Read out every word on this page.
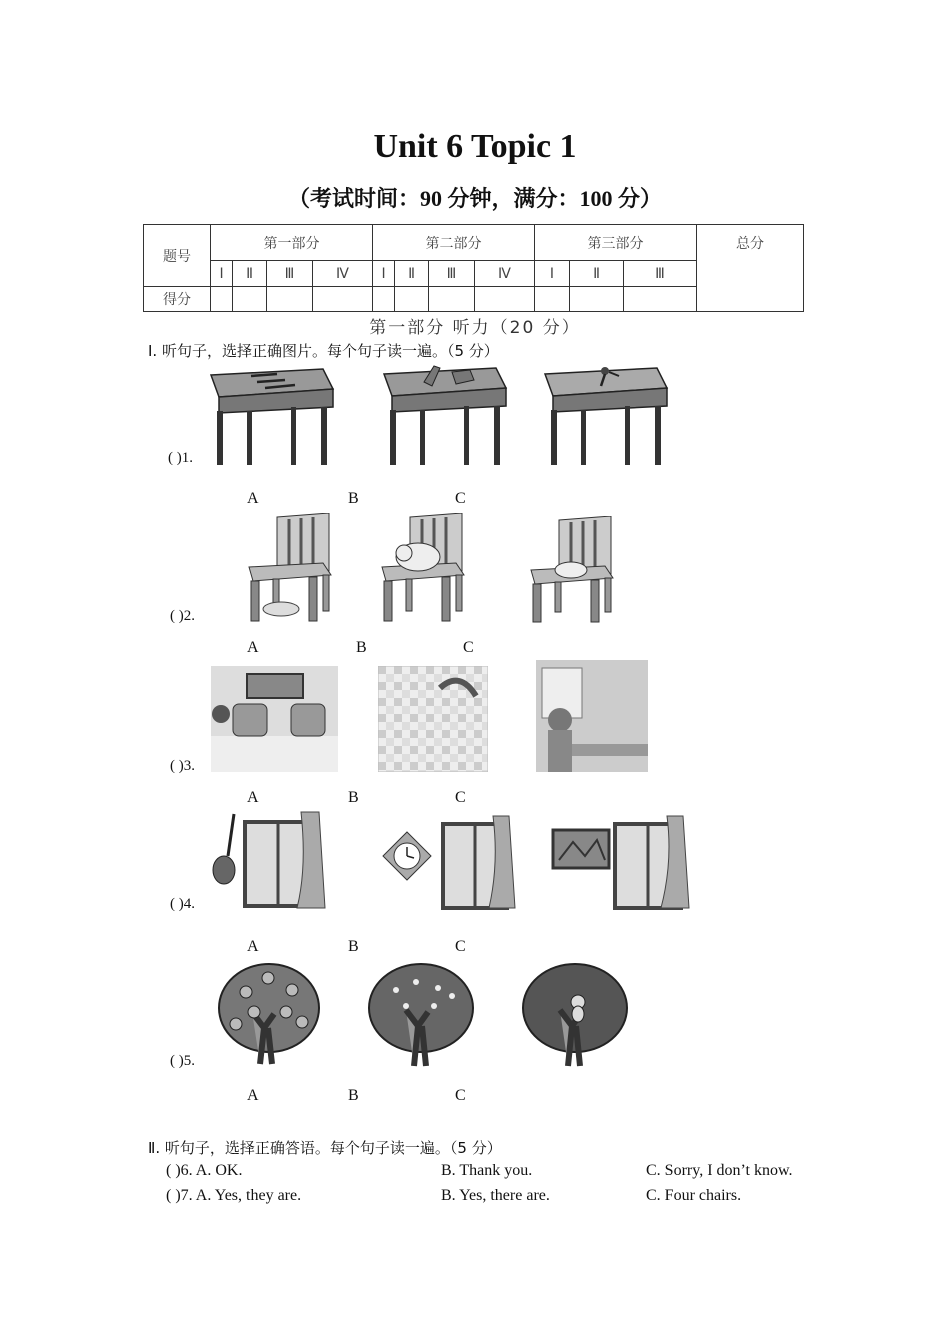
Unit 6 Topic 1
（考试时间：90 分钟，满分：100 分）
题号	第一部分				第二部分				第三部分			总分
	Ⅰ	Ⅱ	Ⅲ	Ⅳ	Ⅰ	Ⅱ	Ⅲ	Ⅳ	Ⅰ	Ⅱ	Ⅲ	
得分												
第一部分 听力（20 分）
Ⅰ. 听句子，选择正确图片。每个句子读一遍。（5 分）
( )1.
A	B	C
( )2.
A	B	C
( )3.
A	B	C
( )4.
A	B	C
( )5.
A	B	C
Ⅱ. 听句子，选择正确答语。每个句子读一遍。（5 分）
( )6. A. OK.	B. Thank you.	C. Sorry, I don’t know.
( )7. A. Yes, they are.	B. Yes, there are.	C. Four chairs.
